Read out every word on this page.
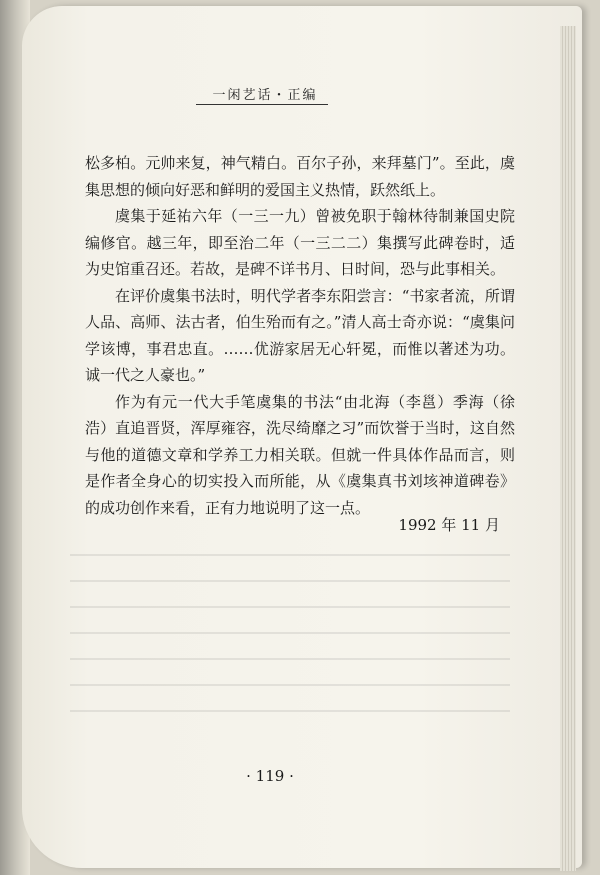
一闲艺话・正编

松多柏。元帅来复，神气精白。百尔子孙，来拜墓门”。至此，虞集思想的倾向好恶和鲜明的爱国主义热情，跃然纸上。

虞集于延祐六年（一三一九）曾被免职于翰林待制兼国史院编修官。越三年，即至治二年（一三二二）集撰写此碑卷时，适为史馆重召还。若故，是碑不详书月、日时间，恐与此事相关。

在评价虞集书法时，明代学者李东阳尝言：“书家者流，所谓人品、高师、法古者，伯生殆而有之。”清人高士奇亦说：“虞集问学该博，事君忠直。……优游家居无心轩冕，而惟以著述为功。诚一代之人豪也。”

作为有元一代大手笔虞集的书法“由北海（李邕）季海（徐浩）直追晋贤，浑厚雍容，洗尽绮靡之习”而饮誉于当时，这自然与他的道德文章和学养工力相关联。但就一件具体作品而言，则是作者全身心的切实投入而所能，从《虞集真书刘垓神道碑卷》的成功创作来看，正有力地说明了这一点。

1992 年 11 月
· 119 ·
